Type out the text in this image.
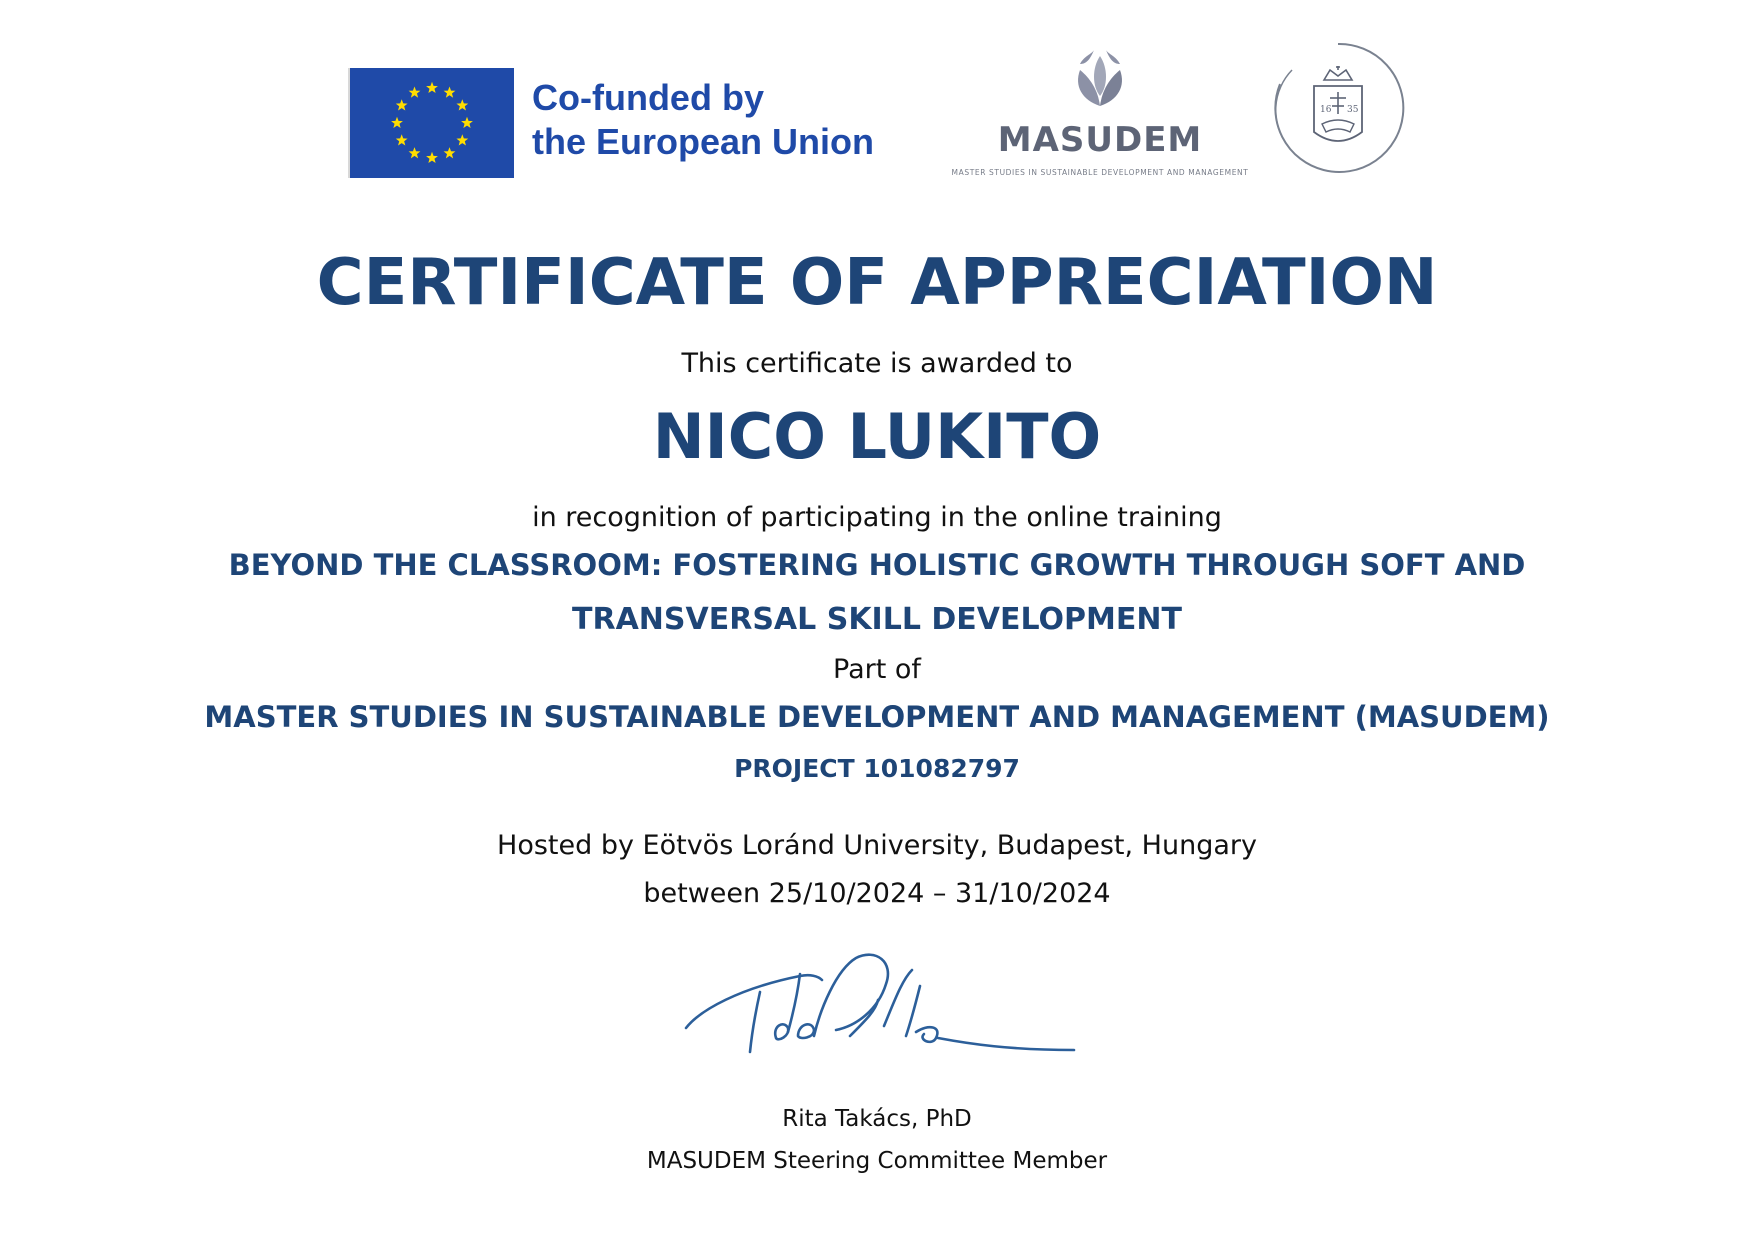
Co-funded by
the European Union	MASUDEM
MASTER STUDIES IN SUSTAINABLE DEVELOPMENT AND MANAGEMENT
16 35
CERTIFICATE OF APPRECIATION
This certificate is awarded to
NICO LUKITO
in recognition of participating in the online training
BEYOND THE CLASSROOM: FOSTERING HOLISTIC GROWTH THROUGH SOFT AND
TRANSVERSAL SKILL DEVELOPMENT
Part of
MASTER STUDIES IN SUSTAINABLE DEVELOPMENT AND MANAGEMENT (MASUDEM)
PROJECT 101082797
Hosted by Eötvös Loránd University, Budapest, Hungary
between 25/10/2024 – 31/10/2024
Rita Takács, PhD
MASUDEM Steering Committee Member
